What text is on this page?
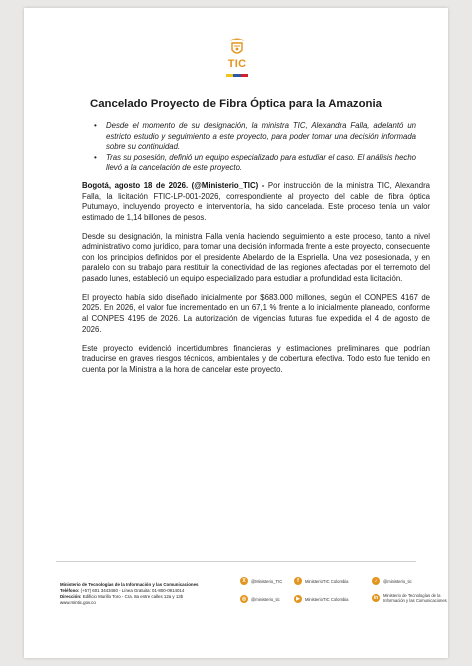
TIC
Cancelado Proyecto de Fibra Óptica para la Amazonia
• Desde el momento de su designación, la ministra TIC, Alexandra Falla, adelantó un estricto estudio y seguimiento a este proyecto, para poder tomar una decisión informada sobre su continuidad.
• Tras su posesión, definió un equipo especializado para estudiar el caso. El análisis hecho llevó a la cancelación de este proyecto.

Bogotá, agosto 18 de 2026. (@Ministerio_TIC) - Por instrucción de la ministra TIC, Alexandra Falla, la licitación FTIC-LP-001-2026, correspondiente al proyecto del cable de fibra óptica Putumayo, incluyendo proyecto e interventoría, ha sido cancelada. Este proceso tenía un valor estimado de 1,14 billones de pesos.

Desde su designación, la ministra Falla venía haciendo seguimiento a este proceso, tanto a nivel administrativo como jurídico, para tomar una decisión informada frente a este proyecto, consecuente con los principios definidos por el presidente Abelardo de la Espriella. Una vez posesionada, y en paralelo con su trabajo para restituir la conectividad de las regiones afectadas por el terremoto del pasado lunes, estableció un equipo especializado para estudiar a profundidad esta licitación.

El proyecto había sido diseñado inicialmente por $683.000 millones, según el CONPES 4167 de 2025. En 2026, el valor fue incrementado en un 67,1 % frente a lo inicialmente planeado, conforme al CONPES 4195 de 2026. La autorización de vigencias futuras fue expedida el 4 de agosto de 2026.

Este proyecto evidenció incertidumbres financieras y estimaciones preliminares que podrían traducirse en graves riesgos técnicos, ambientales y de cobertura efectiva. Todo esto fue tenido en cuenta por la Ministra a la hora de cancelar este proyecto.

Ministerio de Tecnologías de la Información y las Comunicaciones
Teléfono: (+57) 601 3443460 - Línea Gratuita: 01-800-0914014
Dirección: Edificio Murillo Toro - Cra. 8a entre calles 12a y 13b
www.mintic.gov.co
X	@Ministerio_TIC	f	MinisterioTIC Colombia	♪	@ministerio_tic
◎	@ministerio_tic	▶	MinisterioTIC Colombia	in	Ministerio de Tecnologías de la Información y las Comunicaciones
